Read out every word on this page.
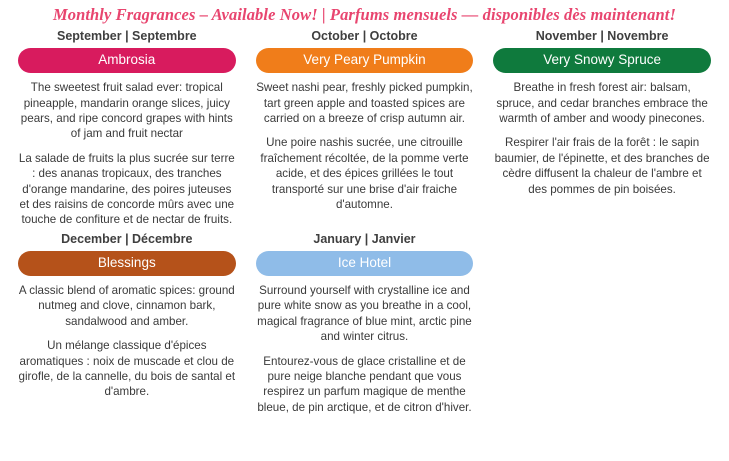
Monthly Fragrances – Available Now! | Parfums mensuels — disponibles dès maintenant!
September | Septembre
Ambrosia

The sweetest fruit salad ever: tropical pineapple, mandarin orange slices, juicy pears, and ripe concord grapes with hints of jam and fruit nectar

La salade de fruits la plus sucrée sur terre : des ananas tropicaux, des tranches d'orange mandarine, des poires juteuses et des raisins de concorde mûrs avec une touche de confiture et de nectar de fruits.

October | Octobre
Very Peary Pumpkin

Sweet nashi pear, freshly picked pumpkin, tart green apple and toasted spices are carried on a breeze of crisp autumn air.

Une poire nashis sucrée, une citrouille fraîchement récoltée, de la pomme verte acide, et des épices grillées le tout transporté sur une brise d'air fraiche d'automne.

November | Novembre
Very Snowy Spruce

Breathe in fresh forest air: balsam, spruce, and cedar branches embrace the warmth of amber and woody pinecones.

Respirer l'air frais de la forêt : le sapin baumier, de l'épinette, et des branches de cèdre diffusent la chaleur de l'ambre et des pommes de pin boisées.

December | Décembre
Blessings

A classic blend of aromatic spices: ground nutmeg and clove, cinnamon bark, sandalwood and amber.

Un mélange classique d'épices aromatiques : noix de muscade et clou de girofle, de la cannelle, du bois de santal et d'ambre.

January | Janvier
Ice Hotel

Surround yourself with crystalline ice and pure white snow as you breathe in a cool, magical fragrance of blue mint, arctic pine and winter citrus.

Entourez-vous de glace cristalline et de pure neige blanche pendant que vous respirez un parfum magique de menthe bleue, de pin arctique, et de citron d'hiver.
